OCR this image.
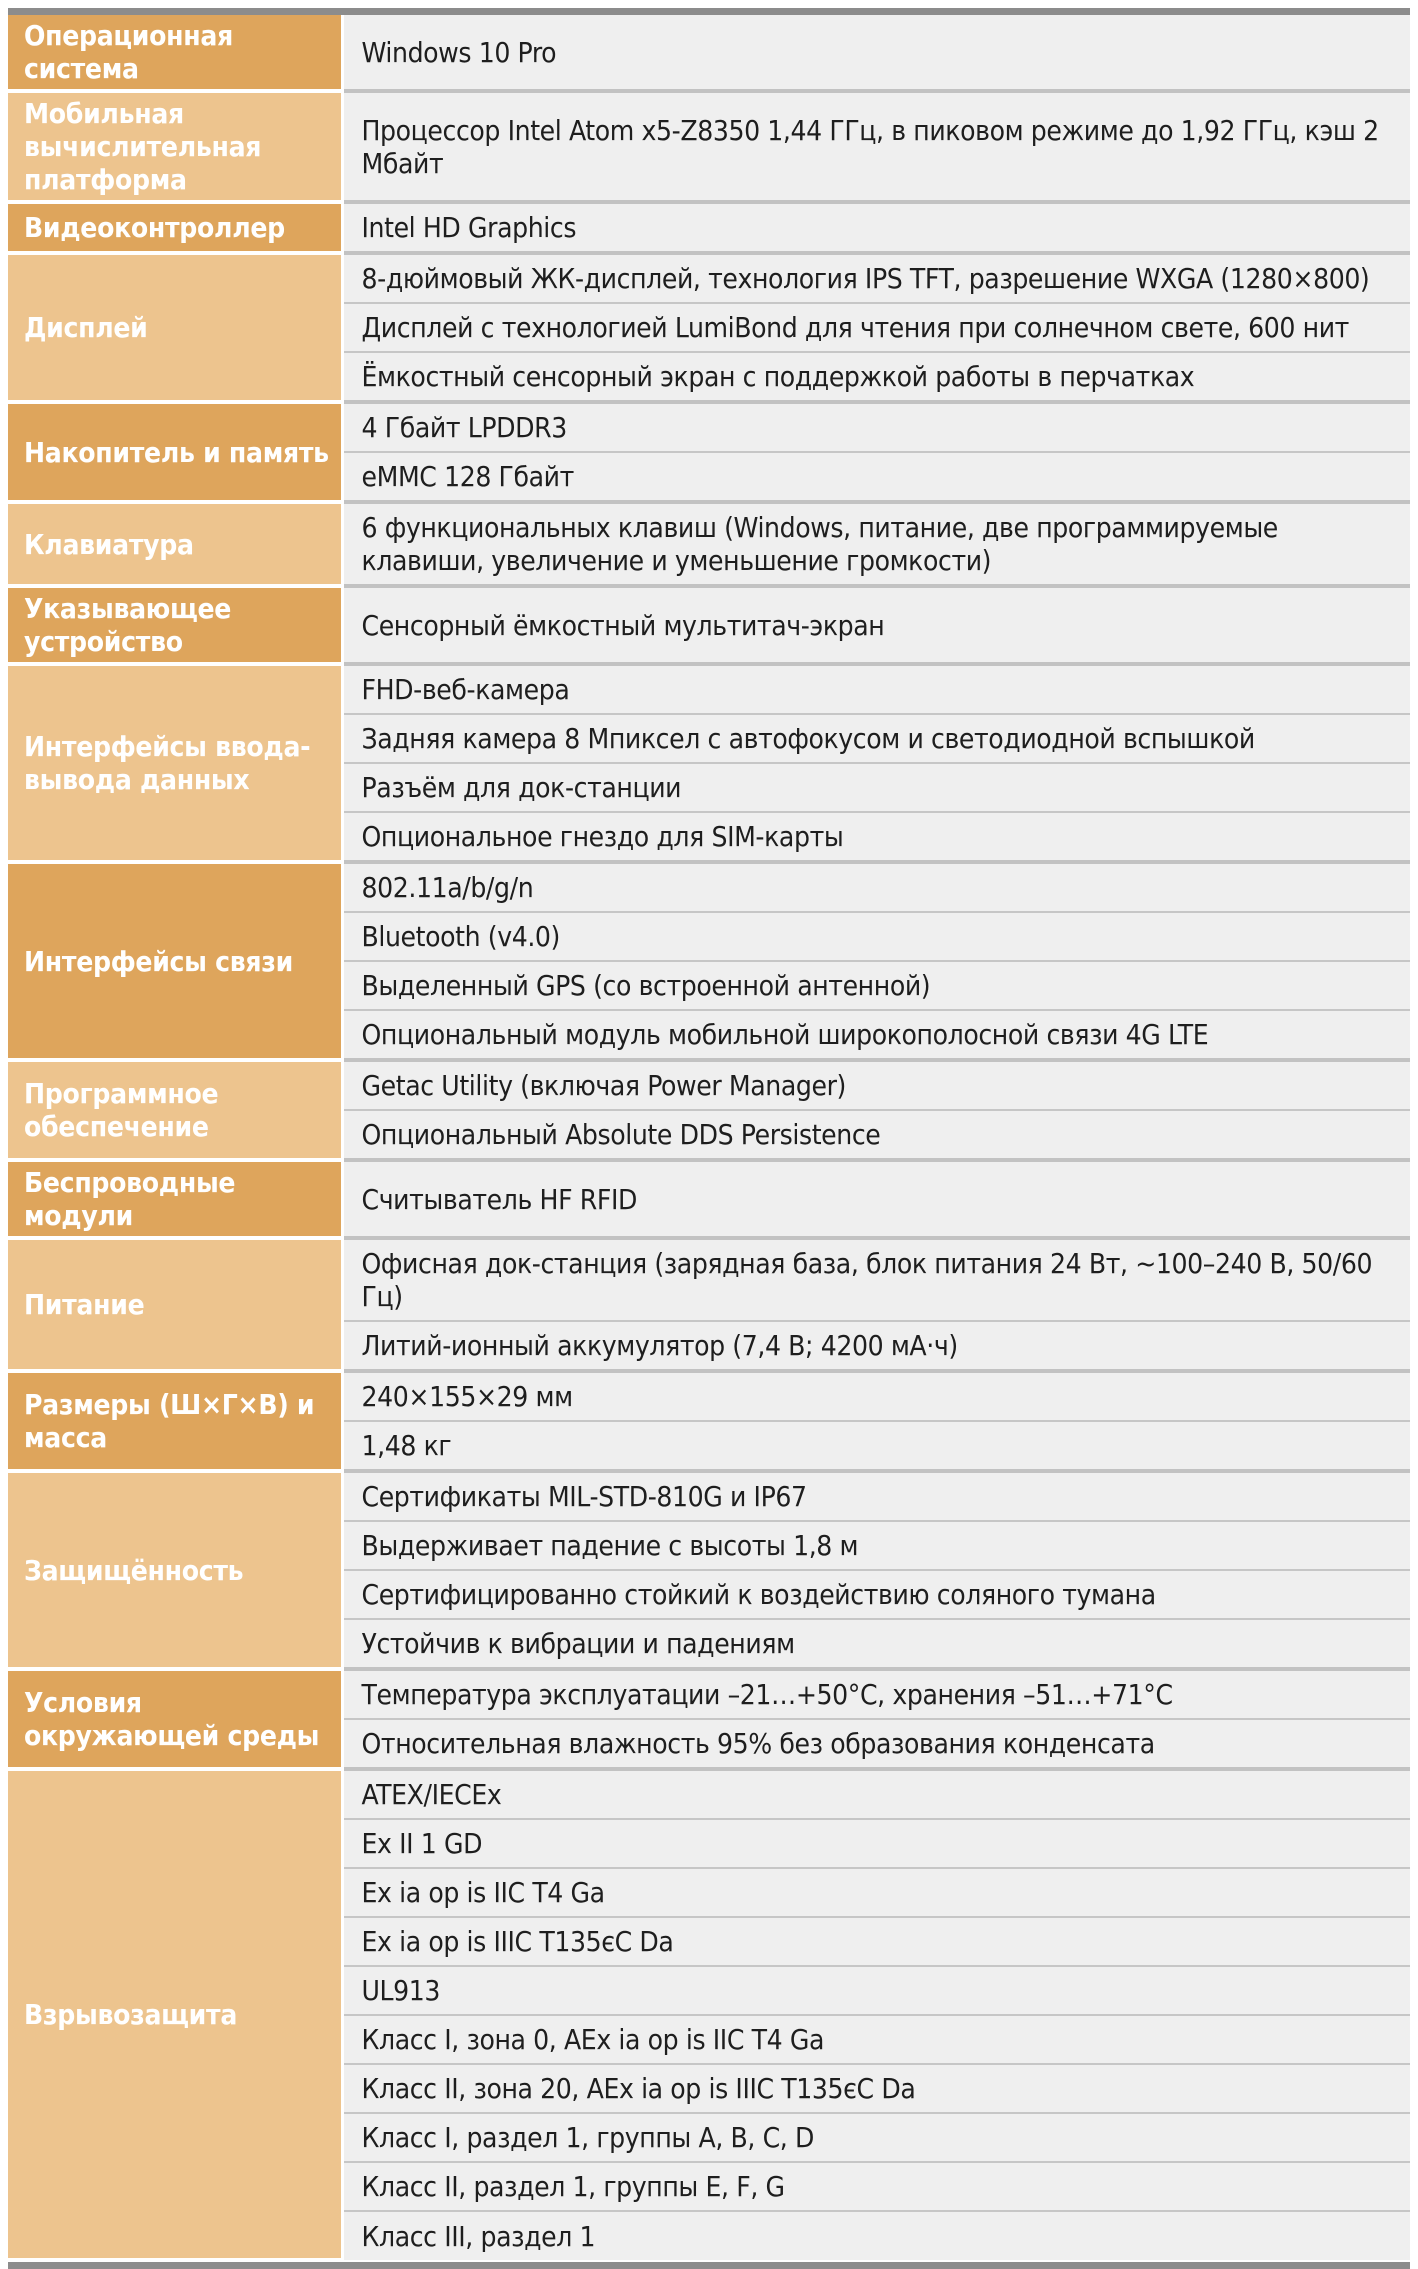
Операционная система	Windows 10 Pro
Мобильная вычислительная платформа	Процессор Intel Atom x5-Z8350 1,44 ГГц, в пиковом режиме до 1,92 ГГц, кэш 2 Мбайт
Видеоконтроллер	Intel HD Graphics
Дисплей	8-дюймовый ЖК-дисплей, технология IPS TFT, разрешение WXGA (1280×800)
	Дисплей с технологией LumiBond для чтения при солнечном свете, 600 нит
	Ёмкостный сенсорный экран с поддержкой работы в перчатках
Накопитель и память	4 Гбайт LPDDR3
	eMMC 128 Гбайт
Клавиатура	6 функциональных клавиш (Windows, питание, две программируемые клавиши, увеличение и уменьшение громкости)
Указывающее устройство	Сенсорный ёмкостный мультитач-экран
Интерфейсы ввода-вывода данных	FHD-веб-камера
	Задняя камера 8 Мпиксел с автофокусом и светодиодной вспышкой
	Разъём для док-станции
	Опциональное гнездо для SIM-карты
Интерфейсы связи	802.11a/b/g/n
	Bluetooth (v4.0)
	Выделенный GPS (со встроенной антенной)
	Опциональный модуль мобильной широкополосной связи 4G LTE
Программное обеспечение	Getac Utility (включая Power Manager)
	Опциональный Absolute DDS Persistence
Беспроводные модули	Считыватель HF RFID
Питание	Офисная док-станция (зарядная база, блок питания 24 Вт, ~100–240 В, 50/60 Гц)
	Литий-ионный аккумулятор (7,4 В; 4200 мА·ч)
Размеры (Ш×Г×В) и масса	240×155×29 мм
	1,48 кг
Защищённость	Сертификаты MIL-STD-810G и IP67
	Выдерживает падение с высоты 1,8 м
	Сертифицированно стойкий к воздействию соляного тумана
	Устойчив к вибрации и падениям
Условия окружающей среды	Температура эксплуатации –21…+50°С, хранения –51…+71°С
	Относительная влажность 95% без образования конденсата
Взрывозащита	ATEX/IECEx
	Ex II 1 GD
	Ex ia op is IIC T4 Ga
	Ex ia op is IIIC T135єC Da
	UL913
	Класс I, зона 0, AEx ia op is IIC T4 Ga
	Класс II, зона 20, AEx ia op is IIIC T135єC Da
	Класс I, раздел 1, группы A, B, C, D
	Класс II, раздел 1, группы E, F, G
	Класс III, раздел 1
